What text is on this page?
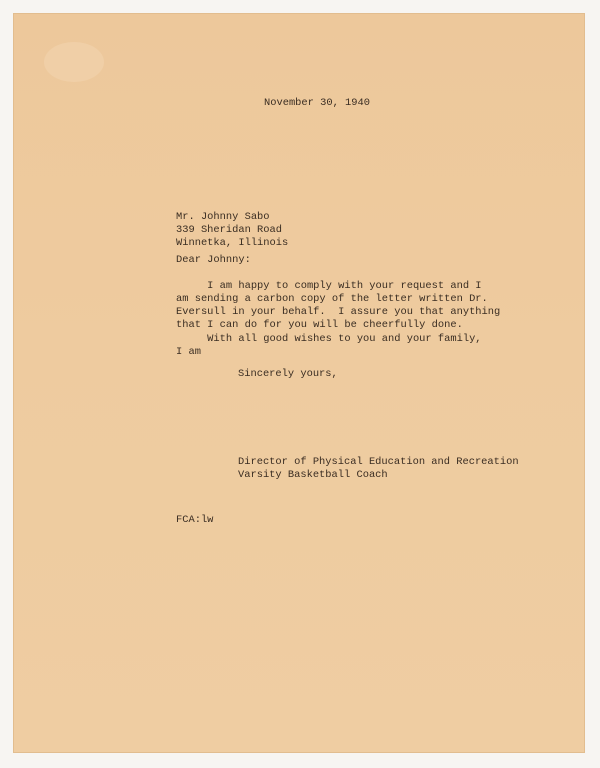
November 30, 1940
Mr. Johnny Sabo
339 Sheridan Road
Winnetka, Illinois
Dear Johnny:
I am happy to comply with your request and I
am sending a carbon copy of the letter written Dr.
Eversull in your behalf.  I assure you that anything
that I can do for you will be cheerfully done.
With all good wishes to you and your family,
I am
Sincerely yours,
Director of Physical Education and Recreation
Varsity Basketball Coach
FCA:lw
